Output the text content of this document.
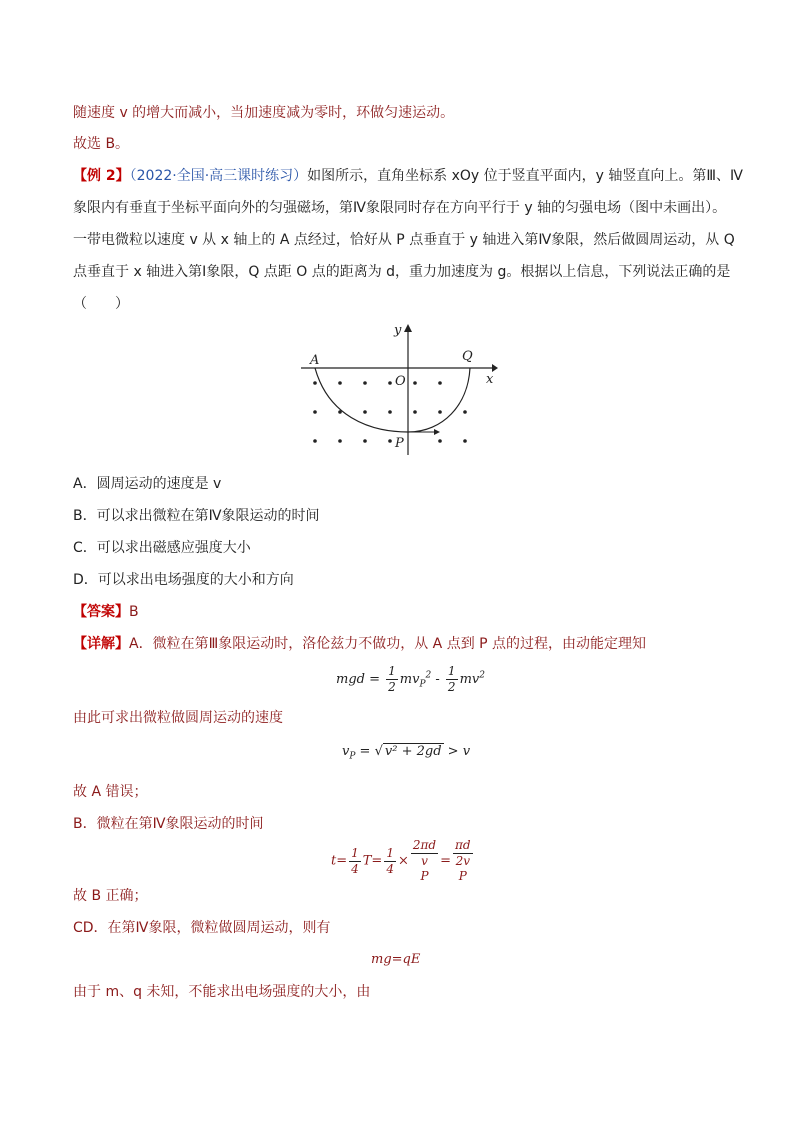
随速度 v 的增大而减小，当加速度减为零时，环做匀速运动。
故选 B。
【例 2】（2022·全国·高三课时练习）如图所示，直角坐标系 xOy 位于竖直平面内，y 轴竖直向上。第Ⅲ、Ⅳ
象限内有垂直于坐标平面向外的匀强磁场，第Ⅳ象限同时存在方向平行于 y 轴的匀强电场（图中未画出）。
一带电微粒以速度 v 从 x 轴上的 A 点经过，恰好从 P 点垂直于 y 轴进入第Ⅳ象限，然后做圆周运动，从 Q
点垂直于 x 轴进入第Ⅰ象限，Q 点距 O 点的距离为 d，重力加速度为 g。根据以上信息，下列说法正确的是
（　　）
y
x
A	Q
O
P
A．圆周运动的速度是 v
B．可以求出微粒在第Ⅳ象限运动的时间
C．可以求出磁感应强度大小
D．可以求出电场强度的大小和方向
【答案】B
【详解】A．微粒在第Ⅲ象限运动时，洛伦兹力不做功，从 A 点到 P 点的过程，由动能定理知
mgd = $\frac{1}{2} mv_P^2 - \frac{1}{2} mv^2$
由此可求出微粒做圆周运动的速度
$v_P$ = √ v² + 2gd > v
故 A 错误；
B．微粒在第Ⅳ象限运动的时间
$t= \frac{1}{4} T= \frac{1}{4} \times 2\pi d$
v
P = πd
2v
P
故 B 正确；
CD．在第Ⅳ象限，微粒做圆周运动，则有
mg=qE
由于 m、q 未知，不能求出电场强度的大小，由
